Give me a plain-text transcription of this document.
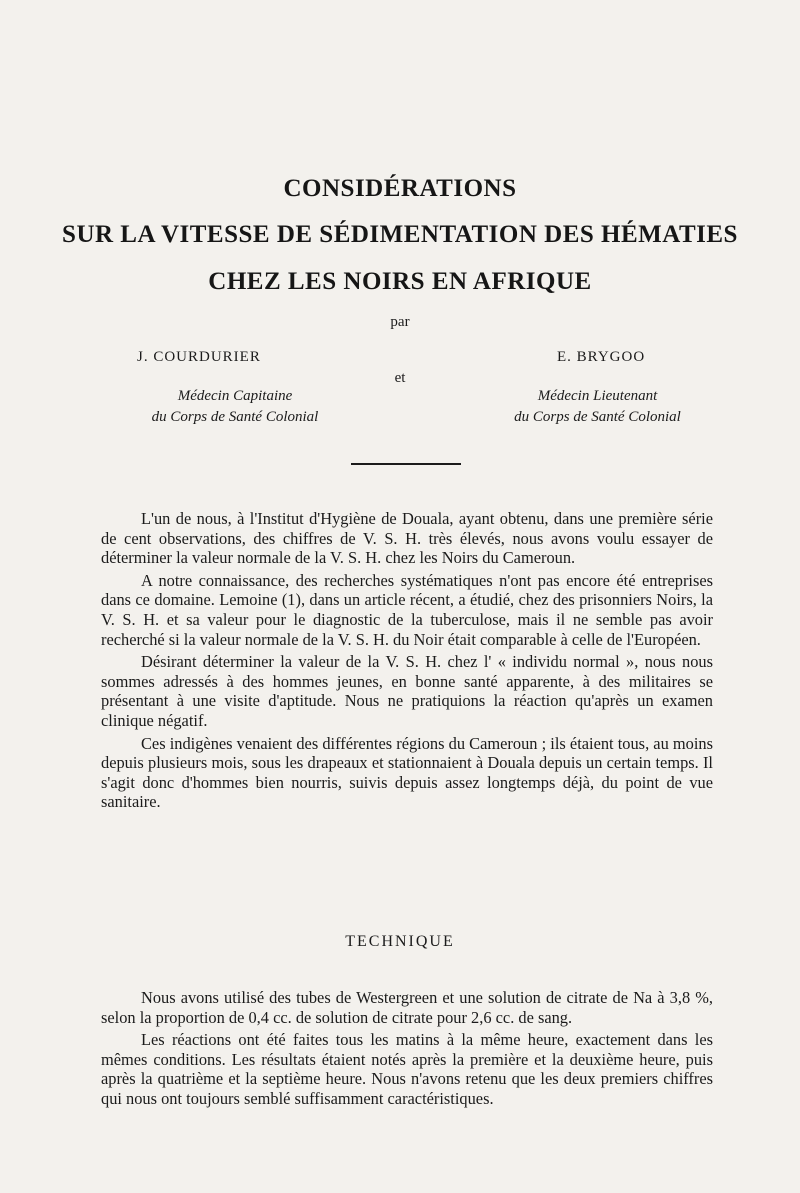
CONSIDÉRATIONS
SUR LA VITESSE DE SÉDIMENTATION DES HÉMATIES
CHEZ LES NOIRS EN AFRIQUE
par
J. COURDURIER	E. BRYGOO
et
Médecin Capitaine
du Corps de Santé Colonial
Médecin Lieutenant
du Corps de Santé Colonial

L'un de nous, à l'Institut d'Hygiène de Douala, ayant obtenu, dans une première série de cent observations, des chiffres de V. S. H. très élevés, nous avons voulu essayer de déterminer la valeur normale de la V. S. H. chez les Noirs du Cameroun.

A notre connaissance, des recherches systématiques n'ont pas encore été entreprises dans ce domaine. Lemoine (1), dans un article récent, a étudié, chez des prisonniers Noirs, la V. S. H. et sa valeur pour le diagnostic de la tuberculose, mais il ne semble pas avoir recherché si la valeur normale de la V. S. H. du Noir était comparable à celle de l'Européen.

Désirant déterminer la valeur de la V. S. H. chez l' « individu normal », nous nous sommes adressés à des hommes jeunes, en bonne santé apparente, à des militaires se présentant à une visite d'aptitude. Nous ne pratiquions la réaction qu'après un examen clinique négatif.

Ces indigènes venaient des différentes régions du Cameroun ; ils étaient tous, au moins depuis plusieurs mois, sous les drapeaux et stationnaient à Douala depuis un certain temps. Il s'agit donc d'hommes bien nourris, suivis depuis assez longtemps déjà, du point de vue sanitaire.

TECHNIQUE

Nous avons utilisé des tubes de Westergreen et une solution de citrate de Na à 3,8 %, selon la proportion de 0,4 cc. de solution de citrate pour 2,6 cc. de sang.

Les réactions ont été faites tous les matins à la même heure, exactement dans les mêmes conditions. Les résultats étaient notés après la première et la deuxième heure, puis après la quatrième et la septième heure. Nous n'avons retenu que les deux premiers chiffres qui nous ont toujours semblé suffisamment caractéristiques.
